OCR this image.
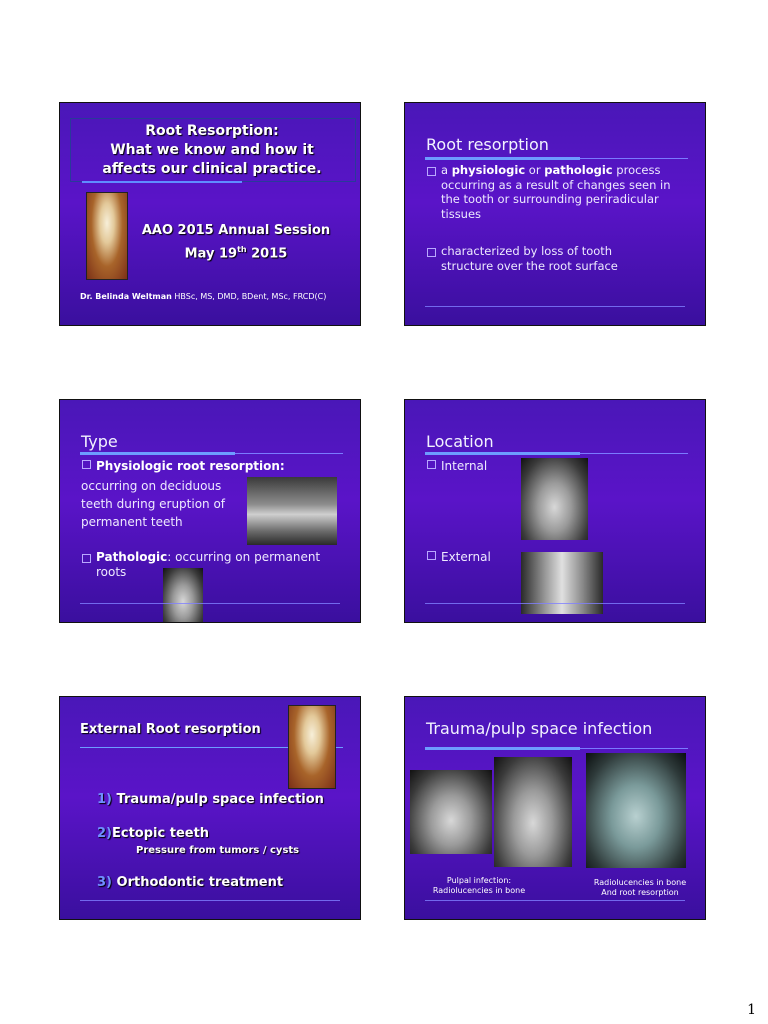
Root Resorption:
What we know and how it
affects our clinical practice.
AAO 2015 Annual Session
May 19th 2015
Dr. Belinda Weltman HBSc, MS, DMD, BDent, MSc, FRCD(C)
Root resorption
a physiologic or pathologic process occurring as a result of changes seen in the tooth or surrounding periradicular tissues
characterized by loss of tooth structure over the root surface
Type
Physiologic root resorption:
occurring on deciduous teeth during eruption of permanent teeth
Pathologic: occurring on permanent roots
Location
Internal
External
External Root resorption
1) Trauma/pulp space infection
2)Ectopic teeth
Pressure from tumors / cysts
3) Orthodontic treatment
Trauma/pulp space infection
Pulpal infection:
Radiolucencies in bone
Radiolucencies in bone
And root resorption
1
